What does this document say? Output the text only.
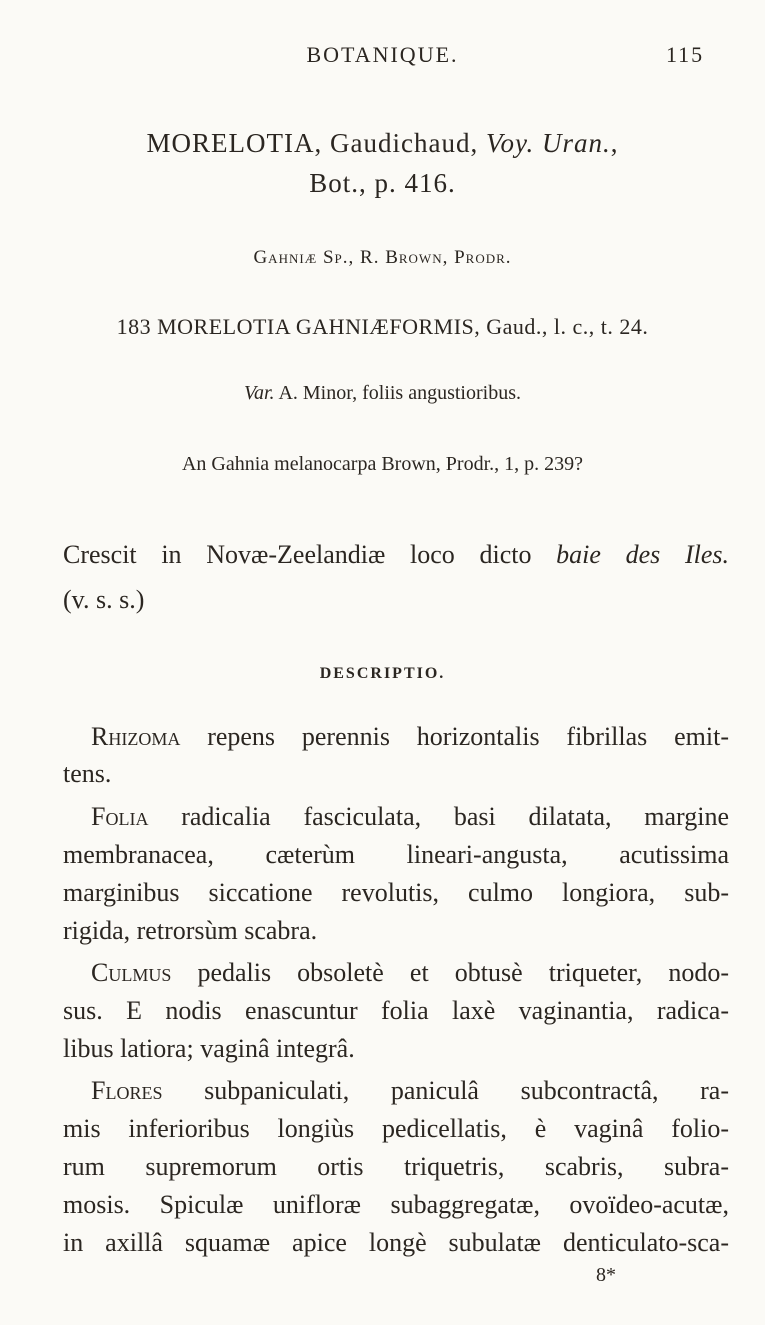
BOTANIQUE.	115
MORELOTIA, Gaudichaud, Voy. Uran.,
Bot., p. 416.
Gahniæ Sp., R. Brown, Prodr.
183 MORELOTIA GAHNIÆFORMIS, Gaud., l. c., t. 24.
Var. A. Minor, foliis angustioribus.
An Gahnia melanocarpa Brown, Prodr., 1, p. 239?
Crescit in Novæ-Zeelandiæ loco dicto baie des Iles.
(v. s. s.)
DESCRIPTIO.
Rhizoma repens perennis horizontalis fibrillas emit-
tens.
Folia radicalia fasciculata, basi dilatata, margine
membranacea, cæterùm lineari-angusta, acutissima
marginibus siccatione revolutis, culmo longiora, sub-
rigida, retrorsùm scabra.
Culmus pedalis obsoletè et obtusè triqueter, nodo-
sus. E nodis enascuntur folia laxè vaginantia, radica-
libus latiora; vaginâ integrâ.
Flores subpaniculati, paniculâ subcontractâ, ra-
mis inferioribus longiùs pedicellatis, è vaginâ folio-
rum supremorum ortis triquetris, scabris, subra-
mosis. Spiculæ unifloræ subaggregatæ, ovoïdeo-acutæ,
in axillâ squamæ apice longè subulatæ denticulato-sca-
8*
